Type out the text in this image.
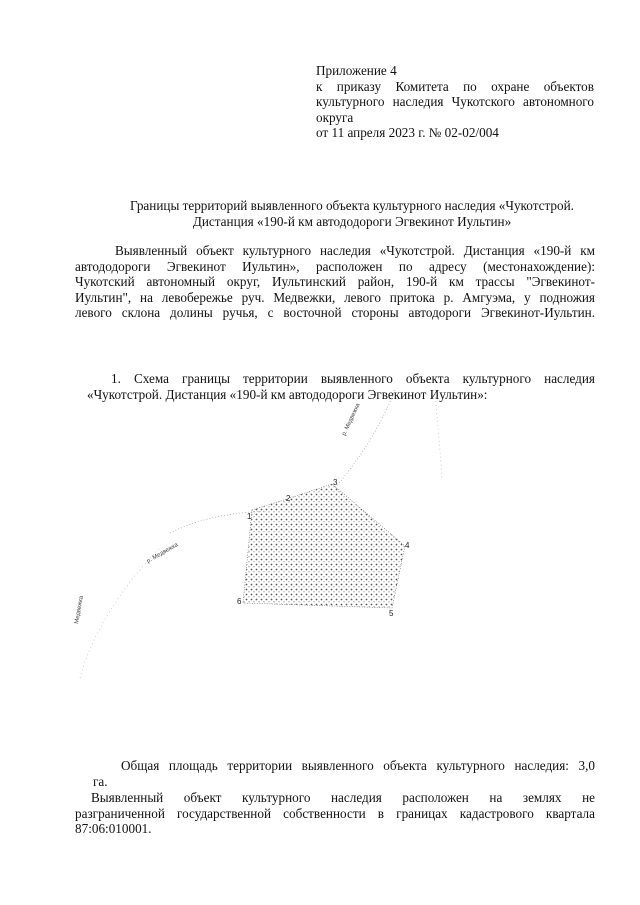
Приложение 4
к приказу Комитета по охране объектов
культурного наследия Чукотского автономного
округа
от 11 апреля 2023 г. № 02-02/004
Границы территорий выявленного объекта культурного наследия «Чукотстрой.
Дистанция «190-й км автододороги Эгвекинот Иультин»
Выявленный объект культурного наследия «Чукотстрой. Дистанция «190-й км
автододороги Эгвекинот Иультин», расположен по адресу (местонахождение):
Чукотский автономный округ, Иультинский район, 190-й км трассы "Эгвекинот-
Иультин", на левобережье руч. Медвежки, левого притока р. Амгуэма, у подножия
левого склона долины ручья, с восточной стороны автодороги Эгвекинот-Иультин.
1. Схема границы территории выявленного объекта культурного наследия
«Чукотстрой. Дистанция «190-й км автододороги Эгвекинот Иультин»:
р. Медвежка
р. Медвежка
Медвежка
1
2
3
4
5
6
Общая площадь территории выявленного объекта культурного наследия: 3,0
га.
Выявленный объект культурного наследия расположен на землях не
разграниченной государственной собственности в границах кадастрового квартала
87:06:010001.
